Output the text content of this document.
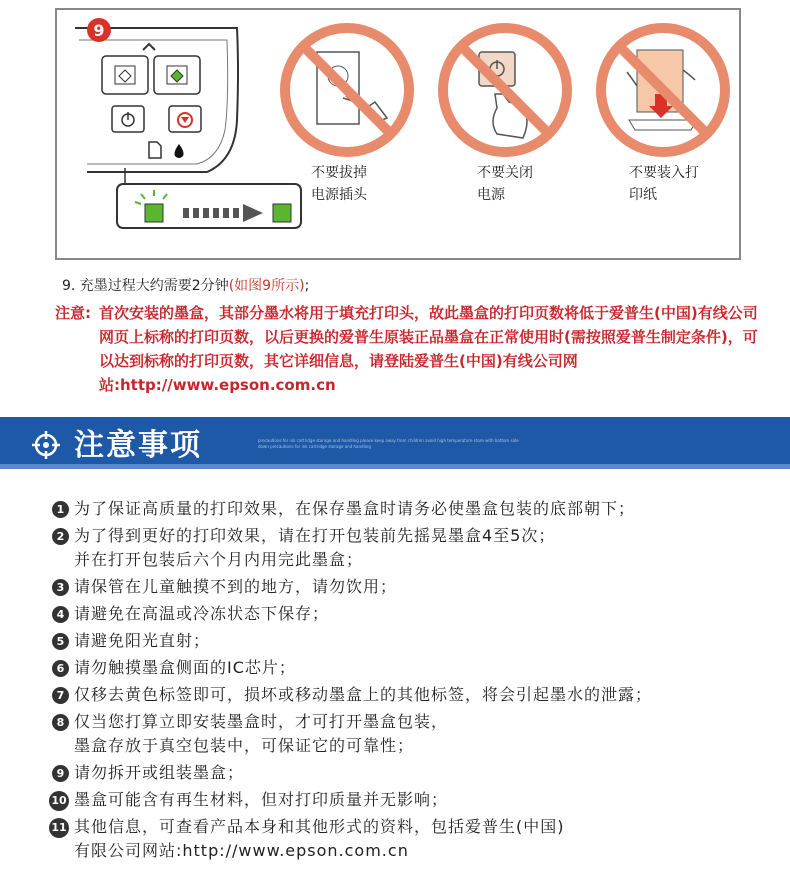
9
不要拔掉
电源插头
不要关闭
电源
不要装入打
印纸
9. 充墨过程大约需要2分钟(如图9所示);
注意: 首次安装的墨盒，其部分墨水将用于填充打印头，故此墨盒的打印页数将低于爱普生(中国)有线公司网页上标称的打印页数，以后更换的爱普生原装正品墨盒在正常使用时(需按照爱普生制定条件)，可以达到标称的打印页数，其它详细信息，请登陆爱普生(中国)有线公司网站:http://www.epson.com.cn
注意事项	precautions for ink cartridge storage and handling please keep away from children avoid high temperature store with bottom side down precautions for ink cartridge storage and handling
1 为了保证高质量的打印效果，在保存墨盒时请务必使墨盒包装的底部朝下；
2 为了得到更好的打印效果，请在打开包装前先摇晃墨盒4至5次；
并在打开包装后六个月内用完此墨盒；
3 请保管在儿童触摸不到的地方，请勿饮用；
4 请避免在高温或冷冻状态下保存；
5 请避免阳光直射；
6 请勿触摸墨盒侧面的IC芯片；
7 仅移去黄色标签即可，损坏或移动墨盒上的其他标签，将会引起墨水的泄露；
8 仅当您打算立即安装墨盒时，才可打开墨盒包装，
墨盒存放于真空包装中，可保证它的可靠性；
9 请勿拆开或组装墨盒；
10 墨盒可能含有再生材料，但对打印质量并无影响；
11 其他信息，可查看产品本身和其他形式的资料，包括爱普生(中国)
有限公司网站:http://www.epson.com.cn
